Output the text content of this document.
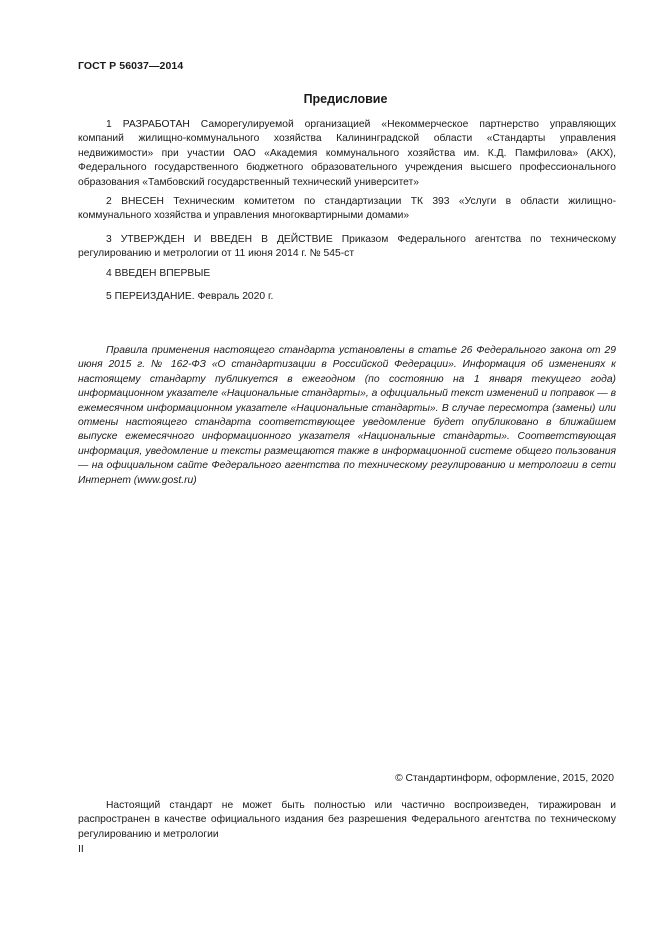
ГОСТ Р 56037—2014
Предисловие

1 РАЗРАБОТАН Саморегулируемой организацией «Некоммерческое партнерство управляющих компаний жилищно-коммунального хозяйства Калининградской области «Стандарты управления недвижимости» при участии ОАО «Академия коммунального хозяйства им. К.Д. Памфилова» (АКХ), Федерального государственного бюджетного образовательного учреждения высшего профессионального образования «Тамбовский государственный технический университет»

2 ВНЕСЕН Техническим комитетом по стандартизации ТК 393 «Услуги в области жилищно-коммунального хозяйства и управления многоквартирными домами»

3 УТВЕРЖДЕН И ВВЕДЕН В ДЕЙСТВИЕ Приказом Федерального агентства по техническому регулированию и метрологии от 11 июня 2014 г. № 545-ст

4 ВВЕДЕН ВПЕРВЫЕ

5 ПЕРЕИЗДАНИЕ. Февраль 2020 г.

Правила применения настоящего стандарта установлены в статье 26 Федерального закона от 29 июня 2015 г. № 162-ФЗ «О стандартизации в Российской Федерации». Информация об изменениях к настоящему стандарту публикуется в ежегодном (по состоянию на 1 января текущего года) информационном указателе «Национальные стандарты», а официальный текст изменений и поправок — в ежемесячном информационном указателе «Национальные стандарты». В случае пересмотра (замены) или отмены настоящего стандарта соответствующее уведомление будет опубликовано в ближайшем выпуске ежемесячного информационного указателя «Национальные стандарты». Соответствующая информация, уведомление и тексты размещаются также в информационной системе общего пользования — на официальном сайте Федерального агентства по техническому регулированию и метрологии в сети Интернет (www.gost.ru)

© Стандартинформ, оформление, 2015, 2020

Настоящий стандарт не может быть полностью или частично воспроизведен, тиражирован и распространен в качестве официального издания без разрешения Федерального агентства по техническому регулированию и метрологии

II
